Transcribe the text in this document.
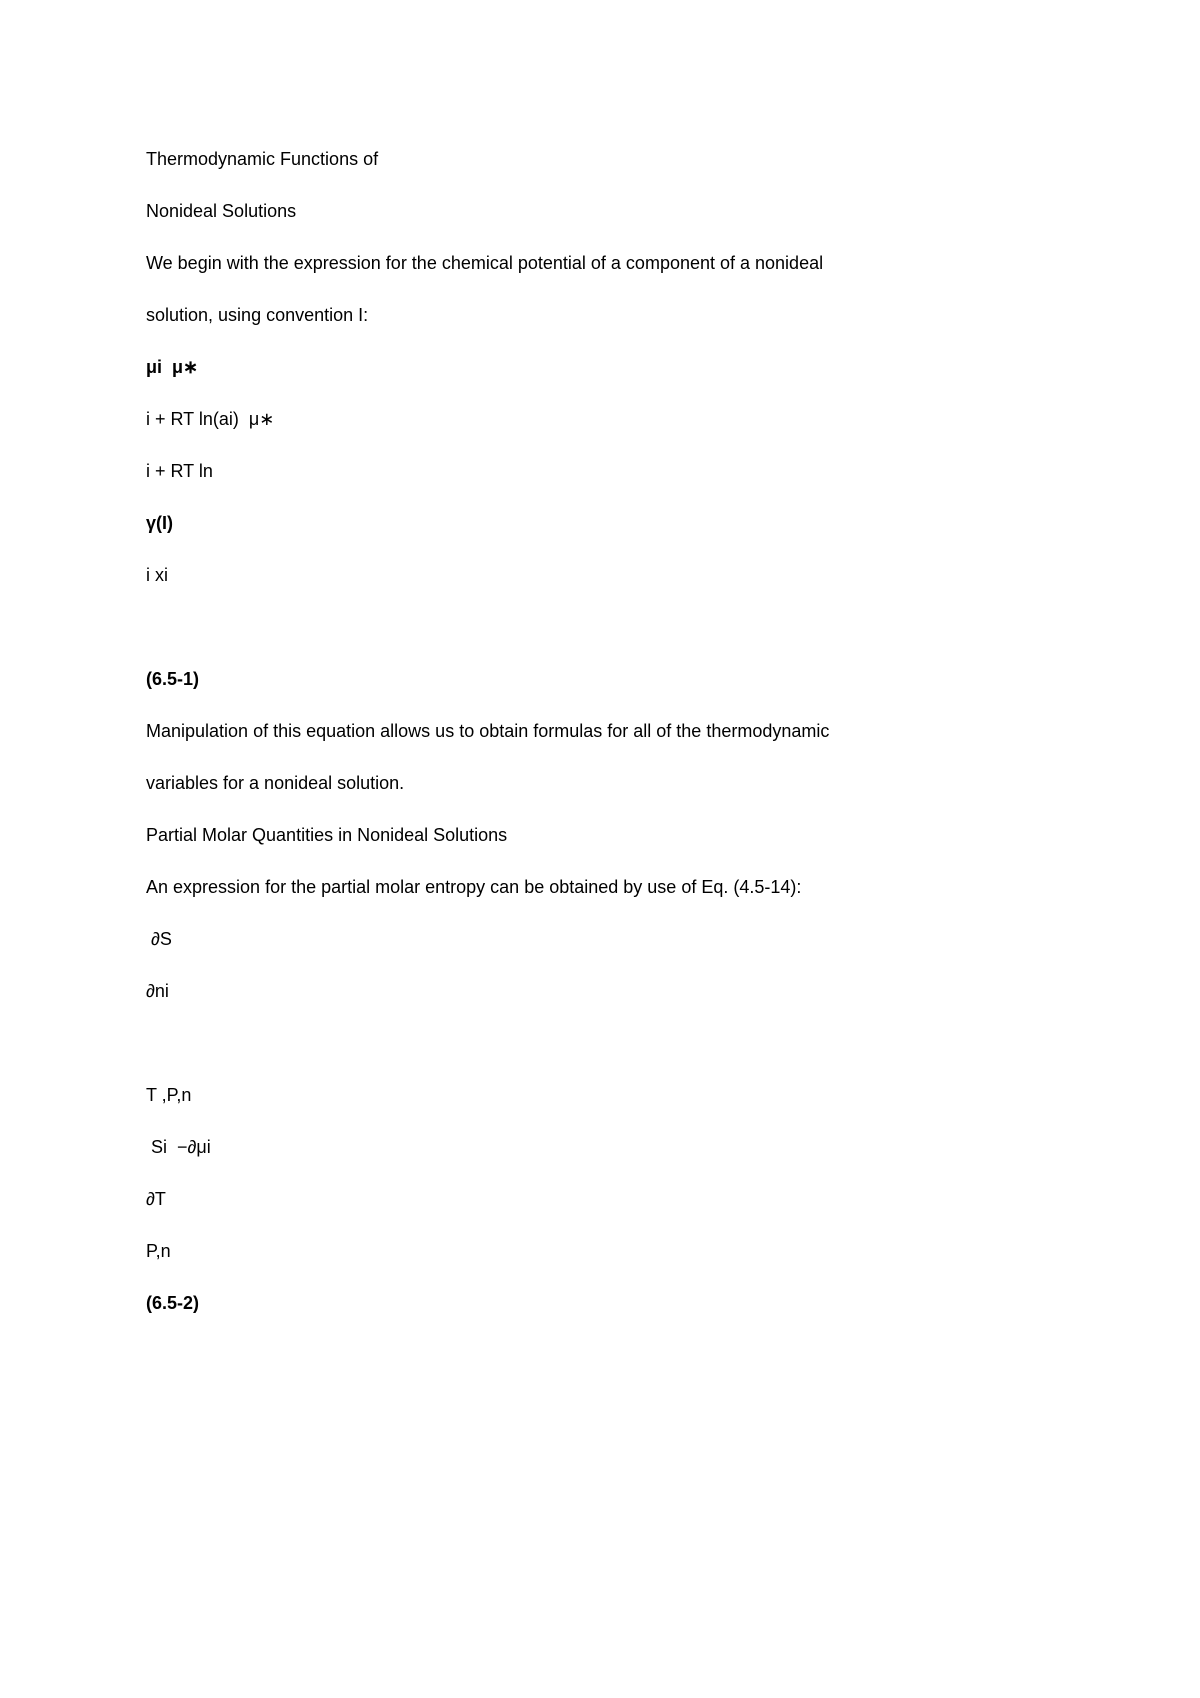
Thermodynamic Functions of

Nonideal Solutions

We begin with the expression for the chemical potential of a component of a nonideal

solution, using convention I:

μi  μ∗

i + RT ln(ai)  μ∗

i + RT ln

γ(I)

i xi

(6.5-1)

Manipulation of this equation allows us to obtain formulas for all of the thermodynamic

variables for a nonideal solution.

Partial Molar Quantities in Nonideal Solutions

An expression for the partial molar entropy can be obtained by use of Eq. (4.5-14):

∂S

∂ni

T ,P,n

Si  −∂μi

∂T

P,n

(6.5-2)
